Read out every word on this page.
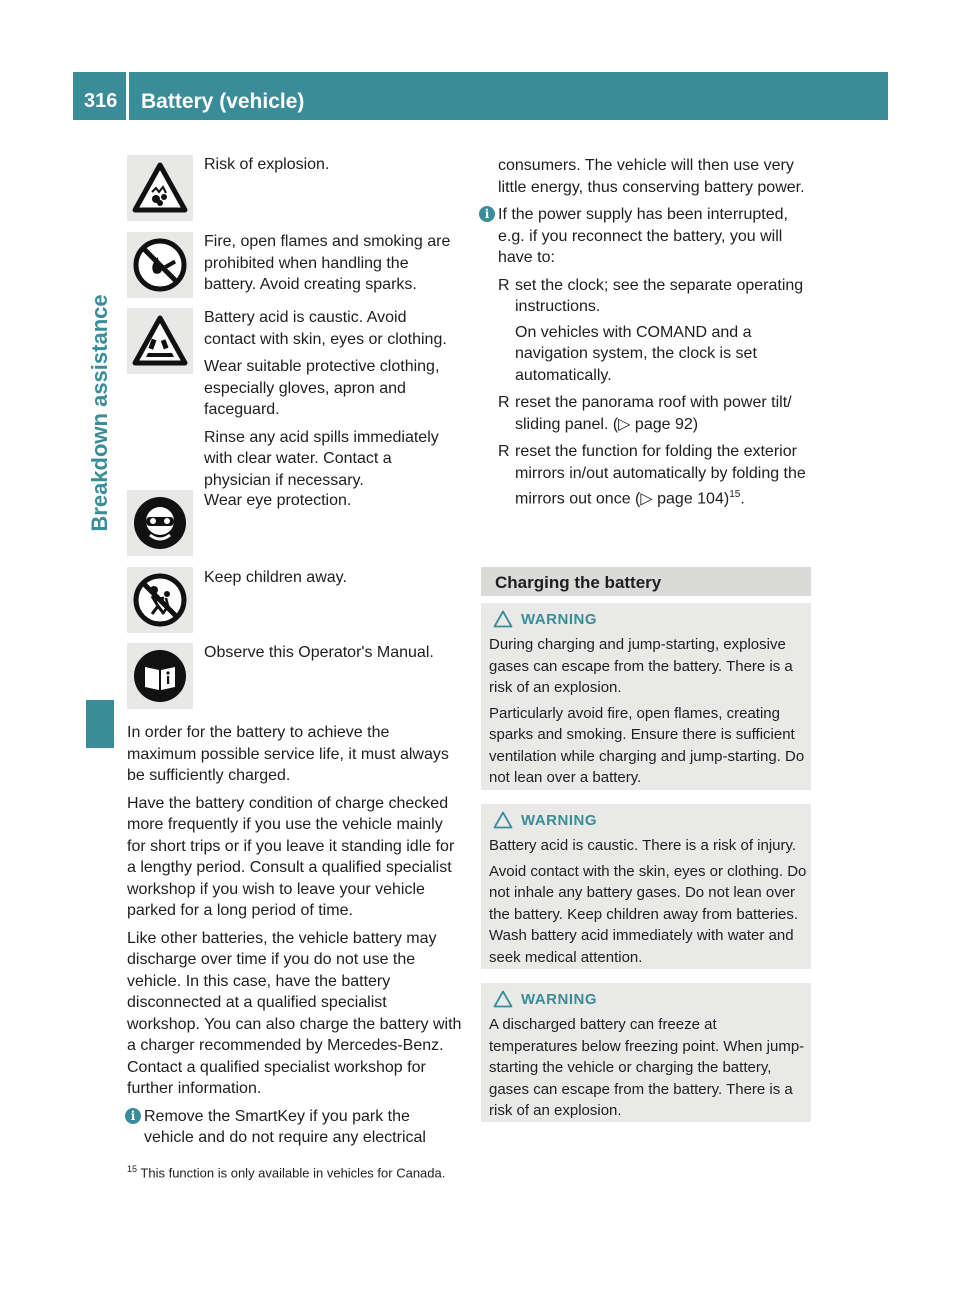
316 Battery (vehicle)
Breakdown assistance

Risk of explosion.

Fire, open flames and smoking are prohibited when handling the battery. Avoid creating sparks.

Battery acid is caustic. Avoid contact with skin, eyes or clothing.

Wear suitable protective clothing, especially gloves, apron and faceguard.

Rinse any acid spills immediately with clear water. Contact a physician if necessary.

Wear eye protection.

Keep children away.

Observe this Operator's Manual.

In order for the battery to achieve the maximum possible service life, it must always be sufficiently charged.

Have the battery condition of charge checked more frequently if you use the vehicle mainly for short trips or if you leave it standing idle for a lengthy period. Consult a qualified specialist workshop if you wish to leave your vehicle parked for a long period of time.

Like other batteries, the vehicle battery may discharge over time if you do not use the vehicle. In this case, have the battery disconnected at a qualified specialist workshop. You can also charge the battery with a charger recommended by Mercedes-Benz. Contact a qualified specialist workshop for further information.

i Remove the SmartKey if you park the vehicle and do not require any electrical
consumers. The vehicle will then use very little energy, thus conserving battery power.
i If the power supply has been interrupted, e.g. if you reconnect the battery, you will have to:

R set the clock; see the separate operating instructions.
On vehicles with COMAND and a navigation system, the clock is set automatically.
R reset the panorama roof with power tilt/ sliding panel. (▷ page 92)
R reset the function for folding the exterior mirrors in/out automatically by folding the mirrors out once (▷ page 104)$^{15}$.
Charging the battery
WARNING

During charging and jump-starting, explosive gases can escape from the battery. There is a risk of an explosion.

Particularly avoid fire, open flames, creating sparks and smoking. Ensure there is sufficient ventilation while charging and jump-starting. Do not lean over a battery.

WARNING

Battery acid is caustic. There is a risk of injury.

Avoid contact with the skin, eyes or clothing. Do not inhale any battery gases. Do not lean over the battery. Keep children away from batteries. Wash battery acid immediately with water and seek medical attention.

WARNING

A discharged battery can freeze at temperatures below freezing point. When jump-starting the vehicle or charging the battery, gases can escape from the battery. There is a risk of an explosion.

$^{15}$ This function is only available in vehicles for Canada.
